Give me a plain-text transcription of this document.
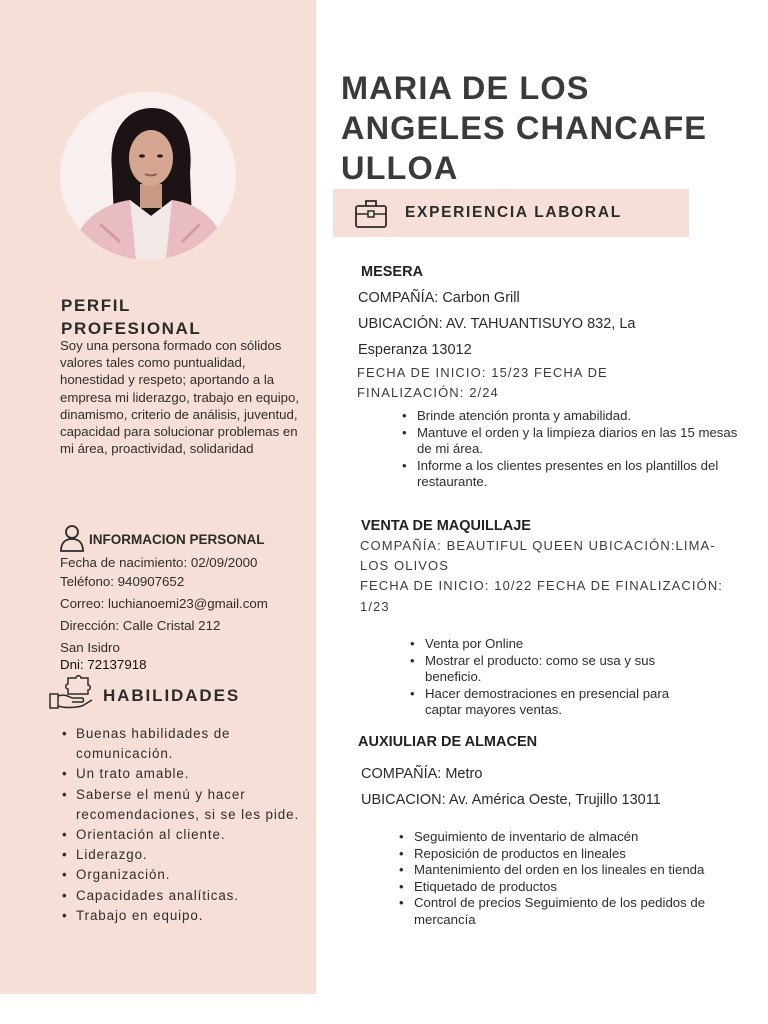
PERFIL
PROFESIONAL
Soy una persona formado con sólidos valores tales como puntualidad, honestidad y respeto; aportando a la empresa mi liderazgo, trabajo en equipo, dinamismo, criterio de análisis, juventud, capacidad para solucionar problemas en mi área, proactividad, solidaridad
INFORMACION PERSONAL
Fecha de nacimiento: 02/09/2000
Teléfono: 940907652
Correo: luchianoemi23@gmail.com
Dirección: Calle Cristal 212
San Isidro
Dni: 72137918
HABILIDADES
• Buenas habilidades de comunicación.
• Un trato amable.
• Saberse el menú y hacer recomendaciones, si se les pide.
• Orientación al cliente.
• Liderazgo.
• Organización.
• Capacidades analíticas.
• Trabajo en equipo.
MARIA DE LOS ANGELES CHANCAFE ULLOA
EXPERIENCIA LABORAL
MESERA
COMPAÑÍA: Carbon Grill
UBICACIÓN: AV. TAHUANTISUYO 832, La
Esperanza 13012
FECHA DE INICIO: 15/23 FECHA DE
FINALIZACIÓN: 2/24
• Brinde atención pronta y amabilidad.
• Mantuve el orden y la limpieza diarios en las 15 mesas de mi área.
• Informe a los clientes presentes en los plantillos del restaurante.
VENTA DE MAQUILLAJE
COMPAÑÍA: BEAUTIFUL QUEEN UBICACIÓN:LIMA-
LOS OLIVOS
FECHA DE INICIO: 10/22 FECHA DE FINALIZACIÓN:
1/23
• Venta por Online
• Mostrar el producto: como se usa y sus beneficio.
• Hacer demostraciones en presencial para captar mayores ventas.
AUXIULIAR DE ALMACEN
COMPAÑÍA: Metro
UBICACION: Av. América Oeste, Trujillo 13011
• Seguimiento de inventario de almacén
• Reposición de productos en lineales
• Mantenimiento del orden en los lineales en tienda
• Etiquetado de productos
• Control de precios Seguimiento de los pedidos de mercancía
